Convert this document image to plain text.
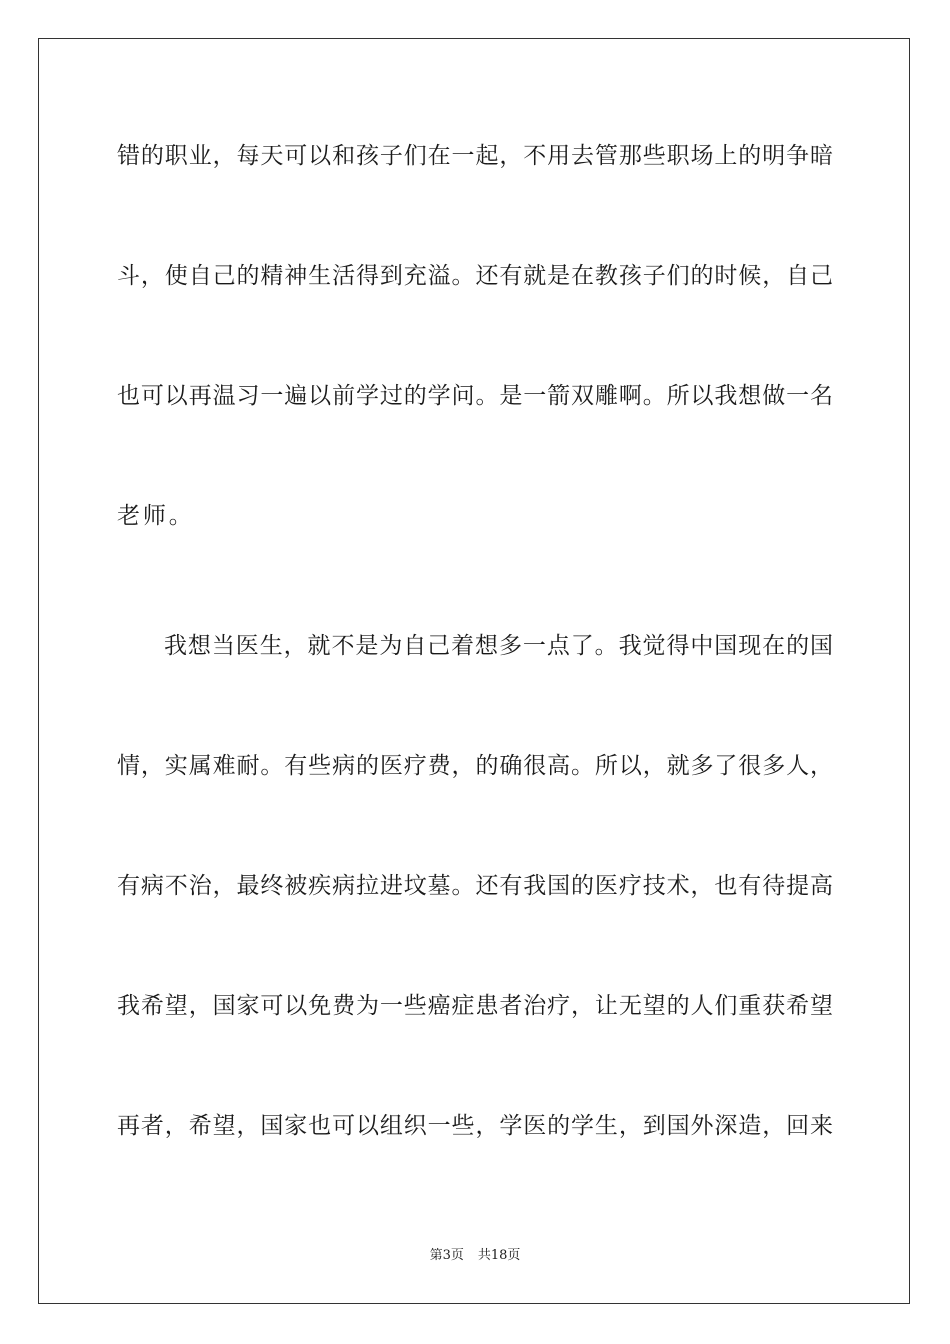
错的职业，每天可以和孩子们在一起，不用去管那些职场上的明争暗
斗，使自己的精神生活得到充溢。还有就是在教孩子们的时候，自己
也可以再温习一遍以前学过的学问。是一箭双雕啊。所以我想做一名
老师。
我想当医生，就不是为自己着想多一点了。我觉得中国现在的国
情，实属难耐。有些病的医疗费，的确很高。所以，就多了很多人，
有病不治，最终被疾病拉进坟墓。还有我国的医疗技术，也有待提高
我希望，国家可以免费为一些癌症患者治疗，让无望的人们重获希望
再者，希望，国家也可以组织一些，学医的学生，到国外深造，回来
第3页 共18页
